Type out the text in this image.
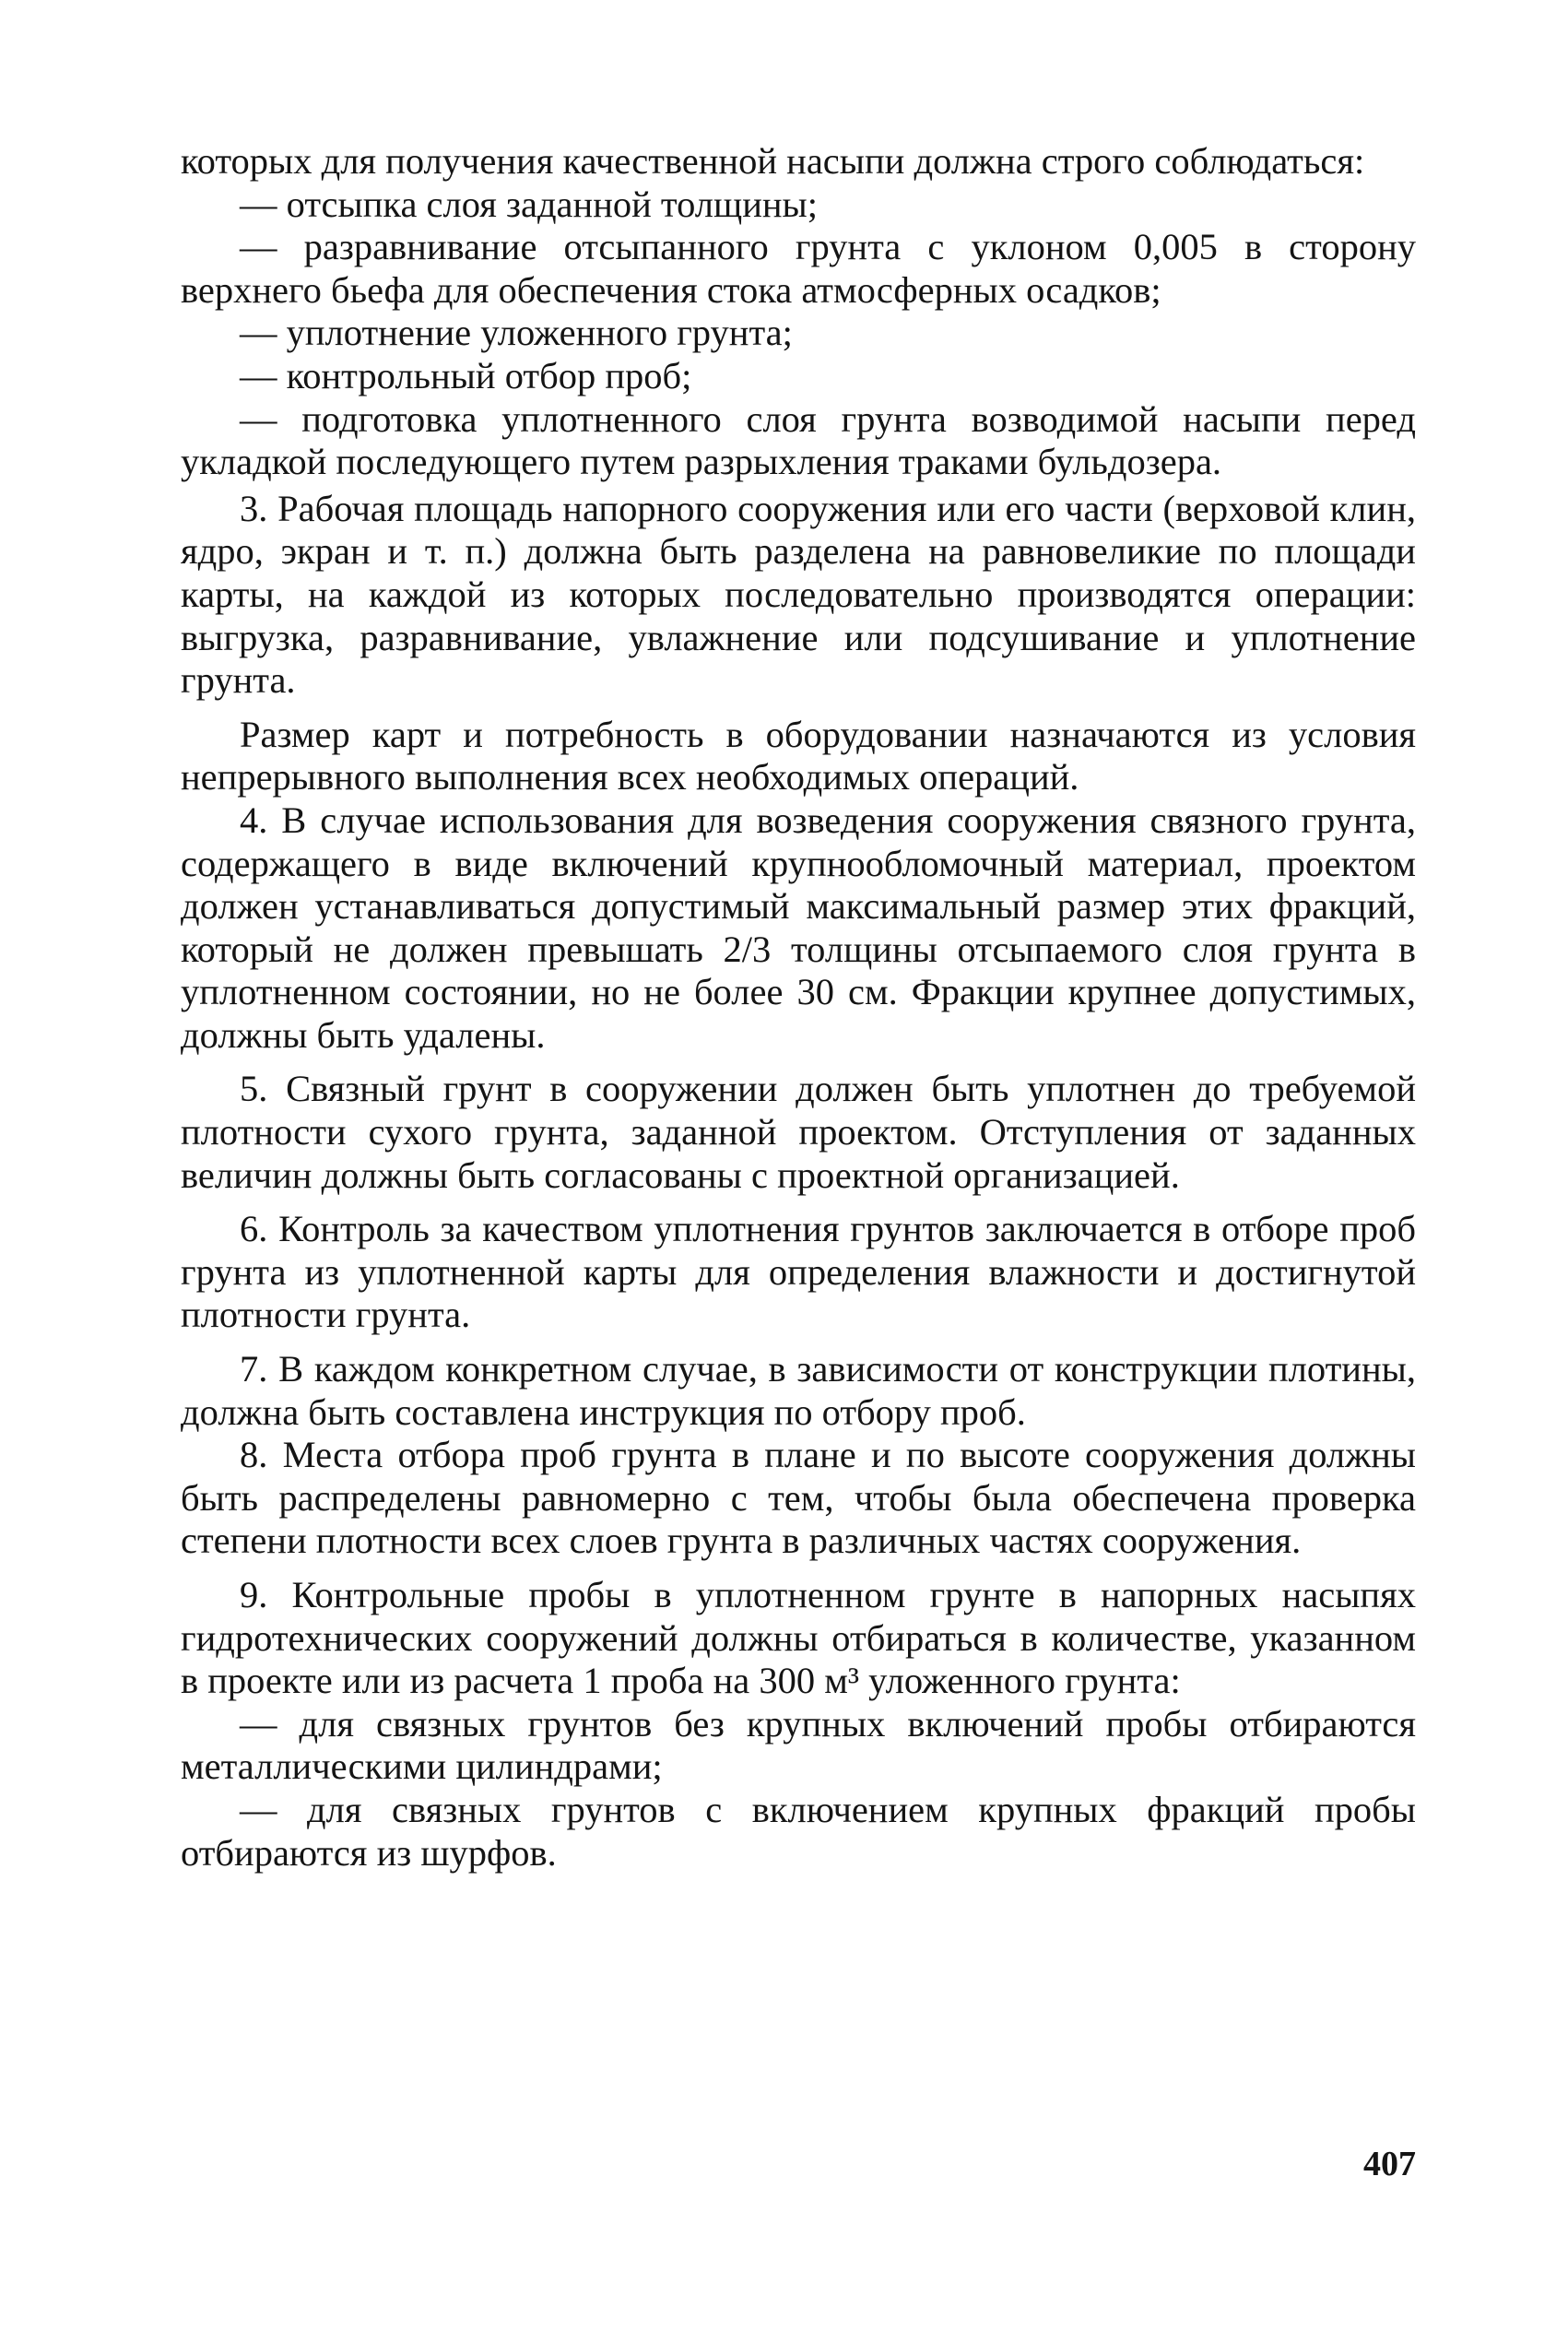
которых для получения качественной насыпи должна строго соблюдаться:

— отсыпка слоя заданной толщины;

— разравнивание отсыпанного грунта с уклоном 0,005 в сторону верхнего бьефа для обеспечения стока атмосферных осадков;

— уплотнение уложенного грунта;

— контрольный отбор проб;

— подготовка уплотненного слоя грунта возводимой насыпи перед укладкой последующего путем разрыхления траками бульдозера.

3. Рабочая площадь напорного сооружения или его части (верховой клин, ядро, экран и т. п.) должна быть разделена на равновеликие по площади карты, на каждой из которых последовательно производятся операции: выгрузка, разравнивание, увлажнение или подсушивание и уплотнение грунта.

Размер карт и потребность в оборудовании назначаются из условия непрерывного выполнения всех необходимых операций.

4. В случае использования для возведения сооружения связного грунта, содержащего в виде включений крупнообломочный материал, проектом должен устанавливаться допустимый максимальный размер этих фракций, который не должен превышать 2/3 толщины отсыпаемого слоя грунта в уплотненном состоянии, но не более 30 см. Фракции крупнее допустимых, должны быть удалены.

5. Связный грунт в сооружении должен быть уплотнен до требуемой плотности сухого грунта, заданной проектом. Отступления от заданных величин должны быть согласованы с проектной организацией.

6. Контроль за качеством уплотнения грунтов заключается в отборе проб грунта из уплотненной карты для определения влажности и достигнутой плотности грунта.

7. В каждом конкретном случае, в зависимости от конструкции плотины, должна быть составлена инструкция по отбору проб.

8. Места отбора проб грунта в плане и по высоте сооружения должны быть распределены равномерно с тем, чтобы была обеспечена проверка степени плотности всех слоев грунта в различных частях сооружения.

9. Контрольные пробы в уплотненном грунте в напорных насыпях гидротехнических сооружений должны отбираться в количестве, указанном в проекте или из расчета 1 проба на 300 м³ уложенного грунта:

— для связных грунтов без крупных включений пробы отбираются металлическими цилиндрами;

— для связных грунтов с включением крупных фракций пробы отбираются из шурфов.

407
